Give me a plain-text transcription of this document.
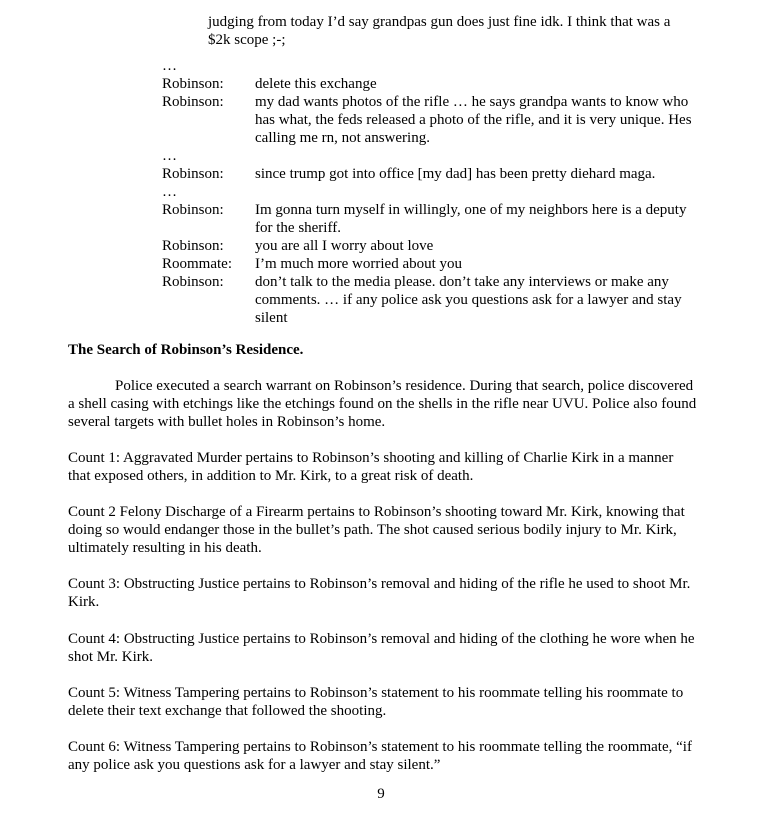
judging from today I’d say grandpas gun does just fine idk. I think that was a $2k scope ;-;

…
Robinson:	delete this exchange
Robinson:	my dad wants photos of the rifle … he says grandpa wants to know who has what, the feds released a photo of the rifle, and it is very unique. Hes calling me rn, not answering.
…
Robinson:	since trump got into office [my dad] has been pretty diehard maga.
…
Robinson:	Im gonna turn myself in willingly, one of my neighbors here is a deputy for the sheriff.
Robinson:	you are all I worry about love
Roommate:	I’m much more worried about you
Robinson:	don’t talk to the media please. don’t take any interviews or make any comments. … if any police ask you questions ask for a lawyer and stay silent

The Search of Robinson’s Residence.

Police executed a search warrant on Robinson’s residence. During that search, police discovered a shell casing with etchings like the etchings found on the shells in the rifle near UVU. Police also found several targets with bullet holes in Robinson’s home.

Count 1: Aggravated Murder pertains to Robinson’s shooting and killing of Charlie Kirk in a manner that exposed others, in addition to Mr. Kirk, to a great risk of death.

Count 2 Felony Discharge of a Firearm pertains to Robinson’s shooting toward Mr. Kirk, knowing that doing so would endanger those in the bullet’s path. The shot caused serious bodily injury to Mr. Kirk, ultimately resulting in his death.

Count 3: Obstructing Justice pertains to Robinson’s removal and hiding of the rifle he used to shoot Mr. Kirk.

Count 4: Obstructing Justice pertains to Robinson’s removal and hiding of the clothing he wore when he shot Mr. Kirk.

Count 5: Witness Tampering pertains to Robinson’s statement to his roommate telling his roommate to delete their text exchange that followed the shooting.

Count 6: Witness Tampering pertains to Robinson’s statement to his roommate telling the roommate, “if any police ask you questions ask for a lawyer and stay silent.”

9
